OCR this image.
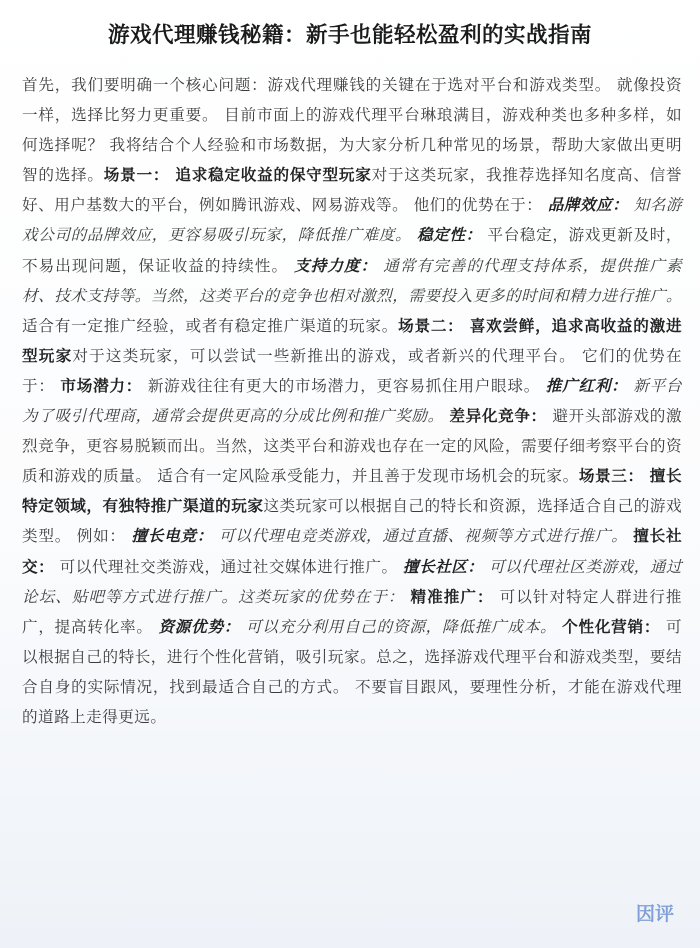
游戏代理赚钱秘籍：新手也能轻松盈利的实战指南
首先，我们要明确一个核心问题：游戏代理赚钱的关键在于选对平台和游戏类型。 就像投资一样，选择比努力更重要。 目前市面上的游戏代理平台琳琅满目，游戏种类也多种多样，如何选择呢？ 我将结合个人经验和市场数据，为大家分析几种常见的场景，帮助大家做出更明智的选择。场景一： 追求稳定收益的保守型玩家对于这类玩家，我推荐选择知名度高、信誉好、用户基数大的平台，例如腾讯游戏、网易游戏等。 他们的优势在于： 品牌效应： 知名游戏公司的品牌效应，更容易吸引玩家，降低推广难度。 稳定性： 平台稳定，游戏更新及时，不易出现问题，保证收益的持续性。 支持力度： 通常有完善的代理支持体系，提供推广素材、技术支持等。当然，这类平台的竞争也相对激烈，需要投入更多的时间和精力进行推广。 适合有一定推广经验，或者有稳定推广渠道的玩家。场景二： 喜欢尝鲜，追求高收益的激进型玩家对于这类玩家，可以尝试一些新推出的游戏，或者新兴的代理平台。 它们的优势在于： 市场潜力： 新游戏往往有更大的市场潜力，更容易抓住用户眼球。 推广红利： 新平台为了吸引代理商，通常会提供更高的分成比例和推广奖励。 差异化竞争： 避开头部游戏的激烈竞争，更容易脱颖而出。当然，这类平台和游戏也存在一定的风险，需要仔细考察平台的资质和游戏的质量。 适合有一定风险承受能力，并且善于发现市场机会的玩家。场景三： 擅长特定领域，有独特推广渠道的玩家这类玩家可以根据自己的特长和资源，选择适合自己的游戏类型。 例如： 擅长电竞： 可以代理电竞类游戏，通过直播、视频等方式进行推广。 擅长社交： 可以代理社交类游戏，通过社交媒体进行推广。 擅长社区： 可以代理社区类游戏，通过论坛、贴吧等方式进行推广。这类玩家的优势在于： 精准推广： 可以针对特定人群进行推广，提高转化率。 资源优势： 可以充分利用自己的资源，降低推广成本。 个性化营销： 可以根据自己的特长，进行个性化营销，吸引玩家。总之，选择游戏代理平台和游戏类型，要结合自身的实际情况，找到最适合自己的方式。 不要盲目跟风，要理性分析，才能在游戏代理的道路上走得更远。
因评
